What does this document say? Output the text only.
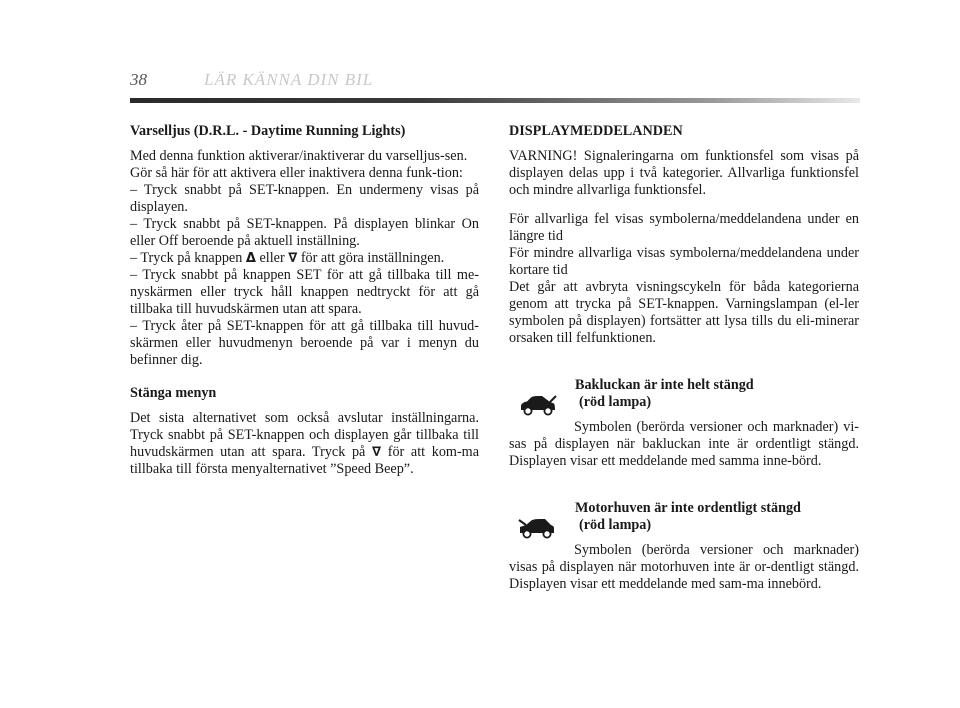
38	LÄR KÄNNA DIN BIL

Varselljus (D.R.L. - Daytime Running Lights)

Med denna funktion aktiverar/inaktiverar du varselljus-sen.

Gör så här för att aktivera eller inaktivera denna funk-tion:

– Tryck snabbt på SET-knappen. En undermeny visas på displayen.

– Tryck snabbt på SET-knappen. På displayen blinkar On eller Off beroende på aktuell inställning.

– Tryck på knappen Δ eller ∇ för att göra inställningen.

– Tryck snabbt på knappen SET för att gå tillbaka till me-nyskärmen eller tryck håll knappen nedtryckt för att gå tillbaka till huvudskärmen utan att spara.

– Tryck åter på SET-knappen för att gå tillbaka till huvud-skärmen eller huvudmenyn beroende på var i menyn du befinner dig.

Stänga menyn

Det sista alternativet som också avslutar inställningarna. Tryck snabbt på SET-knappen och displayen går tillbaka till huvudskärmen utan att spara. Tryck på ∇ för att kom-ma tillbaka till första menyalternativet ”Speed Beep”.

DISPLAYMEDDELANDEN

VARNING! Signaleringarna om funktionsfel som visas på displayen delas upp i två kategorier. Allvarliga funktionsfel och mindre allvarliga funktionsfel.

För allvarliga fel visas symbolerna/meddelandena under en längre tid

För mindre allvarliga visas symbolerna/meddelandena under kortare tid

Det går att avbryta visningscykeln för båda kategorierna genom att trycka på SET-knappen. Varningslampan (el-ler symbolen på displayen) fortsätter att lysa tills du eli-minerar orsaken till felfunktionen.

Bakluckan är inte helt stängd

(röd lampa)

Symbolen (berörda versioner och marknader) vi-sas på displayen när bakluckan inte är ordentligt stängd. Displayen visar ett meddelande med samma inne-börd.

Motorhuven är inte ordentligt stängd

(röd lampa)

Symbolen (berörda versioner och marknader) visas på displayen när motorhuven inte är or-dentligt stängd. Displayen visar ett meddelande med sam-ma innebörd.
